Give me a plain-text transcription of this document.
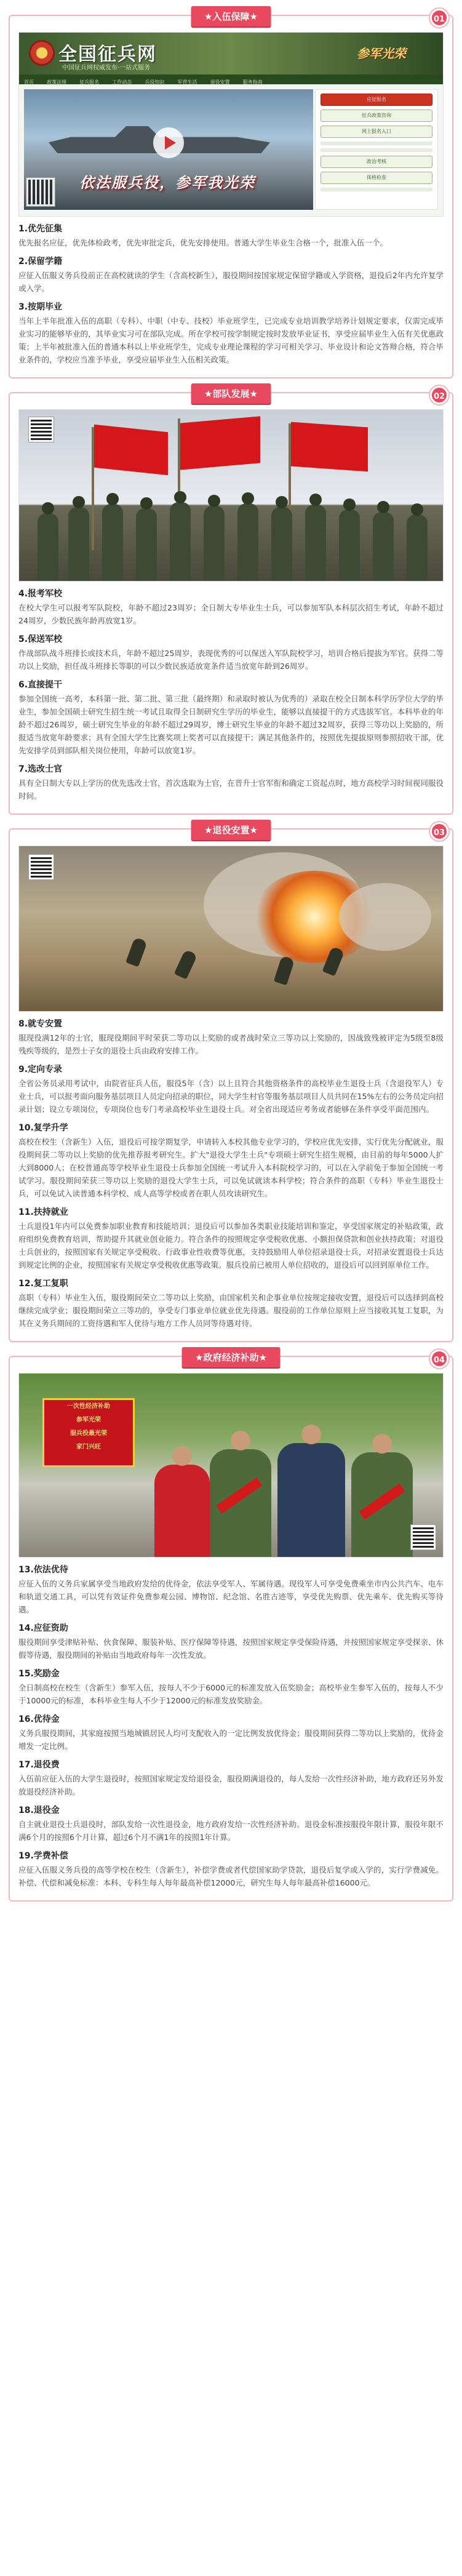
★入伍保障★	01
全国征兵网
中国征兵网权威发布·一站式服务
参军光荣
首页	政策法规	征兵报名	工作动态	兵役知识	军营生活	退役安置	服务指南
依法服兵役，参军我光荣
应征报名
征兵政策咨询
网上报名入口
政治考核
体格检查
1.优先征集
优先报名应征，优先体检政考，优先审批定兵，优先安排使用。普通大学生毕业生合格一个，批准入伍一个。
2.保留学籍
应征入伍服义务兵役前正在高校就读的学生（含高校新生），服役期间按国家规定保留学籍或入学资格，退役后2年内允许复学或入学。
3.按期毕业
当年上半年批准入伍的高职（专科）、中职（中专、技校）毕业班学生，已完成专业培训教学培养计划规定要求，仅需完成毕业实习的能够毕业的，其毕业实习可在部队完成。所在学校可按学制规定按时发放毕业证书，享受应届毕业生入伍有关优惠政策；上半年被批准入伍的普通本科以上毕业班学生，完成专业理论课程的学习可相关学习、毕业设计和论文答辩合格，符合毕业条件的，学校应当准予毕业，享受应届毕业生入伍相关政策。
★部队发展★	02
4.报考军校
在校大学生可以报考军队院校，年龄不超过23周岁；全日制大专毕业生士兵，可以参加军队本科层次招生考试，年龄不超过24周岁，少数民族年龄再放宽1岁。
5.保送军校
作战部队战斗班排长或技术兵，年龄不超过25周岁，表现优秀的可以保送入军队院校学习，培训合格后提拔为军官。获得二等功以上奖励，担任战斗班排长等职的可以少数民族适放宽条件适当放宽年龄到26周岁。
6.直接提干
参加全国统一高考，本科第一批、第二批、第三批（最终期）和录取时被认为优秀的）录取在校全日制本科学历学位大学的毕业生，参加全国硕士研究生招生统一考试且取得全日制研究生学历的毕业生，能够以直接提干的方式选拔军官。本科毕业的年龄不超过26周岁，硕士研究生毕业的年龄不超过29周岁，博士研究生毕业的年龄不超过32周岁，获得三等功以上奖励的，所报适当放宽年龄要求；具有全国大学生比赛奖项上奖者可以直接提干；满足其他条件的，按照优先提拔原则参照招收干部，优先安排学员到部队相关岗位使用，年龄可以放宽1岁。
7.选改士官
具有全日制大专以上学历的优先选改士官，首次选取为士官，在晋升士官军衔和确定工资起点时，地方高校学习时间视同服役时间。
★退役安置★	03
8.就专安置
服现役满12年的士官，服现役期间平时荣获二等功以上奖励的或者战时荣立三等功以上奖励的，因战致残被评定为5级至8级残疾等级的，是烈士子女的退役士兵由政府安排工作。
9.定向专录
全省公务员录用考试中，由院省征兵人伍，服役5年（含）以上且符合其他资格条件的高校毕业生退役士兵（含退役军人）专业士兵，可以报考面向服务基层项目人员定向招录的职位，同大学生村官等服务基层项目人员共同在15%左右的公务员定向招录计划；设立专项岗位，专项岗位也专门考录高校毕业生退役士兵。对全省出现适应考务或者能够在条件享受平面范围内。
10.复学升学
高校在校生（含新生）入伍，退役后可按学期复学，申请转入本校其他专业学习的，学校应优先安排，实行优先分配就业，服役期间获二等功以上奖励的优先推荐报考研究生。扩大"退役大学生士兵"专项硕士研究生招生规模，由目前的每年5000人扩大到8000人；在校普通高等学校毕业生退役士兵参加全国统一考试升入本科院校学习的，可以在入学前免于参加全国统一考试学习。服役期间荣获三等功以上奖励的退役大学生士兵，可以免试就读本科学校；符合条件的高职（专科）毕业生退役士兵，可以免试入读普通本科学校、成人高等学校或者在职人员攻读研究生。
11.扶持就业
士兵退役1年内可以免费参加职业教育和技能培训；退役后可以参加各类职业技能培训和鉴定，享受国家规定的补贴政策，政府组织免费教育培训，帮助提升其就业创业能力。符合条件的按照规定享受税收优惠、小额担保贷款和创业扶持政策；对退役士兵创业的，按照国家有关规定享受税收、行政事业性收费等优惠，支持鼓励用人单位招录退役士兵，对招录安置退役士兵达到规定比例的企业，按照国家有关规定享受税收优惠等政策。服兵役前已被用人单位招收的，退役后可以回到原单位工作。
12.复工复职
高职（专科）毕业生入伍，服役期间荣立二等功以上奖励，由国家机关和企事业单位按规定接收安置，退役后可以选择到高校继续完成学业；服役期间荣立三等功的，享受专门事业单位就业优先待遇。服役前的工作单位原则上应当接收其复工复职，为其在义务兵期间的工资待遇和军人优待与地方工作人员同等待遇对待。
★政府经济补助★	04
一次性经济补助
参军光荣
服兵役最光荣
家门兴旺
13.依法优待
应征入伍的义务兵家属享受当地政府发给的优待金，依法享受军人、军属待遇。现役军人可享受免费乘坐市内公共汽车、电车和轨道交通工具，可以凭有效证件免费参观公园、博物馆、纪念馆、名胜古迹等，享受优先购票、优先乘车、优先购买等待遇。
14.应征资助
服役期间享受津贴补贴、伙食保障、服装补贴、医疗保障等待遇，按照国家规定享受保险待遇，并按照国家规定享受探亲、休假等待遇，服役期间的补贴由当地政府每年一次性发放。
15.奖励金
全日制高校在校生（含新生）参军入伍，按每人不少于6000元的标准发放入伍奖励金；高校毕业生参军入伍的，按每人不少于10000元的标准，本科毕业生每人不少于12000元的标准发放奖励金。
16.优待金
义务兵服役期间，其家庭按照当地城镇居民人均可支配收入的一定比例发放优待金；服役期间获得二等功以上奖励的，优待金增发一定比例。
17.退役费
入伍前应征入伍的大学生退役时，按照国家规定发给退役金，服役期满退役的，每人发给一次性经济补助，地方政府还另外发放退役经济补助。
18.退役金
自主就业退役士兵退役时，部队发给一次性退役金，地方政府发给一次性经济补助。退役金标准按服役年限计算，服役年限不满6个月的按照6个月计算，超过6个月不满1年的按照1年计算。
19.学费补偿
应征入伍服义务兵役的高等学校在校生（含新生），补偿学费或者代偿国家助学贷款，退役后复学或入学的，实行学费减免。补偿、代偿和减免标准：本科、专科生每人每年最高补偿12000元，研究生每人每年最高补偿16000元。
